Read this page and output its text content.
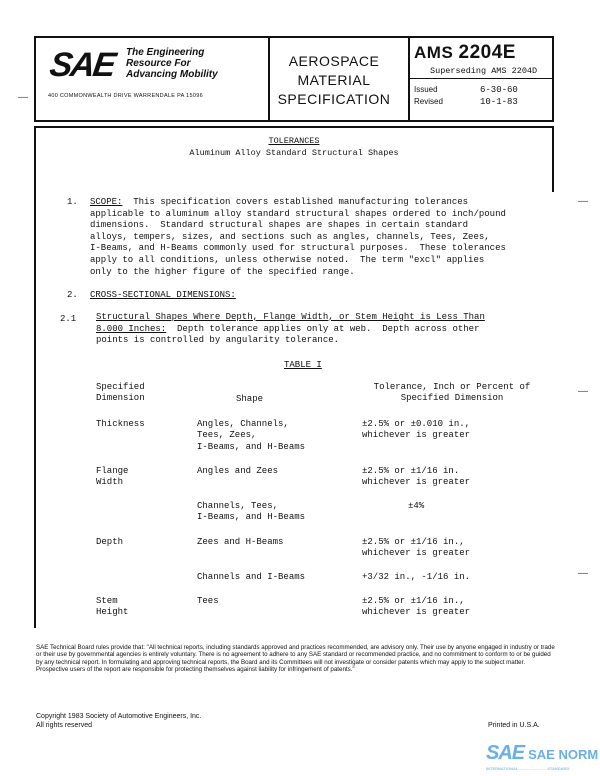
SAE The Engineering
Resource For
Advancing Mobility
400 COMMONWEALTH DRIVE WARRENDALE PA 15096
AEROSPACE
MATERIAL
SPECIFICATION
AMS 2204E
Superseding AMS 2204D
Issued	6-30-60
Revised	10-1-83
—
—
—
—
TOLERANCES
Aluminum Alloy Standard Structural Shapes
1. SCOPE: This specification covers established manufacturing tolerances
applicable to aluminum alloy standard structural shapes ordered to inch/pound
dimensions.  Standard structural shapes are shapes in certain standard
alloys, tempers, sizes, and sections such as angles, channels, Tees, Zees,
I-Beams, and H-Beams commonly used for structural purposes.  These tolerances
apply to all conditions, unless otherwise noted.  The term "excl" applies
only to the higher figure of the specified range.
2. CROSS-SECTIONAL DIMENSIONS:
2.1 Structural Shapes Where Depth, Flange Width, or Stem Height is Less Than
8.000 Inches: Depth tolerance applies only at web.  Depth across other
points is controlled by angularity tolerance.
TABLE I
Specified
Dimension	Shape
Tolerance, Inch or Percent of
Specified Dimension
Thickness	Angles, Channels,
Tees, Zees,
I-Beams, and H-Beams
±2.5% or ±0.010 in.,
whichever is greater
Flange
Width
Angles and Zees	±2.5% or ±1/16 in.
whichever is greater
Channels, Tees,
I-Beams, and H-Beams
±4%
Depth	Zees and H-Beams	±2.5% or ±1/16 in.,
whichever is greater
Channels and I-Beams	+3/32 in., -1/16 in.
Stem
Height
Tees	±2.5% or ±1/16 in.,
whichever is greater
SAE Technical Board rules provide that: "All technical reports, including standards approved and practices recommended, are advisory only. Their use by anyone engaged in industry or trade or their use by governmental agencies is entirely voluntary. There is no agreement to adhere to any SAE standard or recommended practice, and no commitment to conform to or be guided by any technical report. In formulating and approving technical reports, the Board and its Committees will not investigate or consider patents which may apply to the subject matter. Prospective users of the report are responsible for protecting themselves against liability for infringement of patents."
Copyright 1983 Society of Automotive Engineers, Inc.
All rights reserved	Printed in U.S.A.
SAE SAE NORM
INTERNATIONAL ........................ STANDARD
